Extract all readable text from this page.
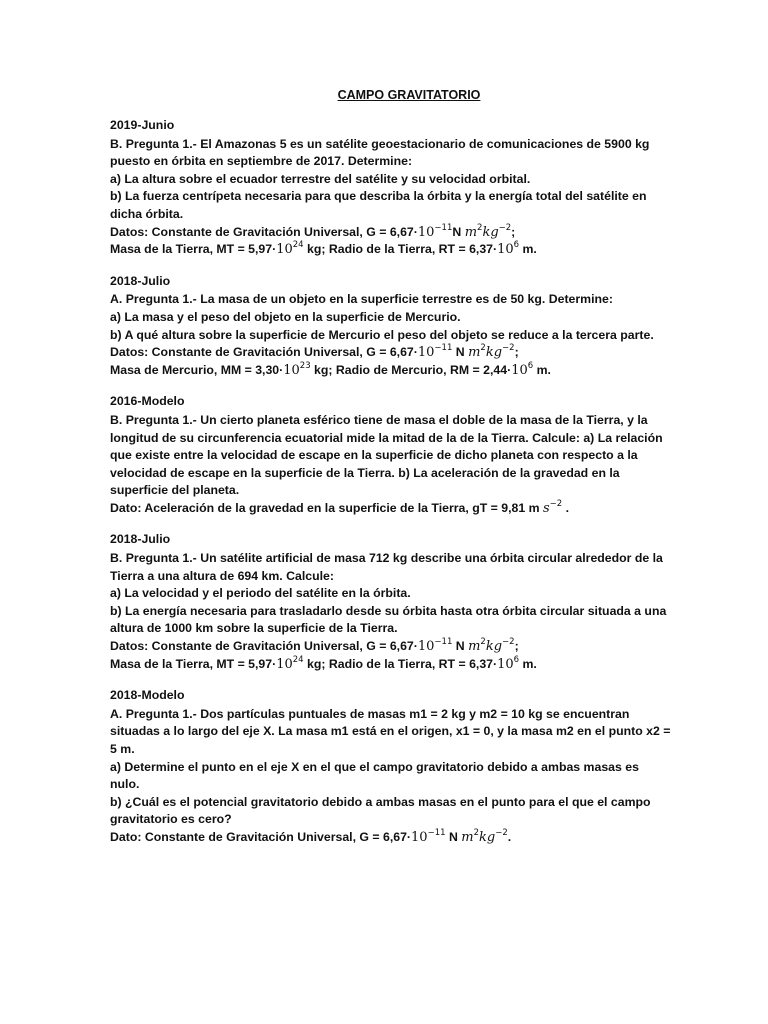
CAMPO GRAVITATORIO
2019-Junio
B. Pregunta 1.- El Amazonas 5 es un satélite geoestacionario de comunicaciones de 5900 kg
puesto en órbita en septiembre de 2017. Determine:
a) La altura sobre el ecuador terrestre del satélite y su velocidad orbital.
b) La fuerza centrípeta necesaria para que describa la órbita y la energía total del satélite en
dicha órbita.
Datos: Constante de Gravitación Universal, $G = 6,67\cdot 10^{-11}N$ $m^2kg^{-2}$;
Masa de la Tierra, MT = $5,97\cdot 10^{24}$ kg; Radio de la Tierra, RT = $6,37\cdot 10^6$ m.
2018-Julio
A. Pregunta 1.- La masa de un objeto en la superficie terrestre es de 50 kg. Determine:
a) La masa y el peso del objeto en la superficie de Mercurio.
b) A qué altura sobre la superficie de Mercurio el peso del objeto se reduce a la tercera parte.
Datos: Constante de Gravitación Universal, $G = 6,67\cdot 10^{-11}$ N $m^2kg^{-2}$;
Masa de Mercurio, MM = $3,30\cdot 10^{23}$ kg; Radio de Mercurio, RM = $2,44\cdot 10^6$ m.
2016-Modelo
B. Pregunta 1.- Un cierto planeta esférico tiene de masa el doble de la masa de la Tierra, y la
longitud de su circunferencia ecuatorial mide la mitad de la de la Tierra. Calcule: a) La relación
que existe entre la velocidad de escape en la superficie de dicho planeta con respecto a la
velocidad de escape en la superficie de la Tierra. b) La aceleración de la gravedad en la
superficie del planeta.
Dato: Aceleración de la gravedad en la superficie de la Tierra, gT = 9,81 m $s^{-2}$ .
2018-Julio
B. Pregunta 1.- Un satélite artificial de masa 712 kg describe una órbita circular alrededor de la
Tierra a una altura de 694 km. Calcule:
a) La velocidad y el periodo del satélite en la órbita.
b) La energía necesaria para trasladarlo desde su órbita hasta otra órbita circular situada a una
altura de 1000 km sobre la superficie de la Tierra.
Datos: Constante de Gravitación Universal, $G = 6,67\cdot 10^{-11}$ N $m^2kg^{-2}$;
Masa de la Tierra, MT = $5,97\cdot 10^{24}$ kg; Radio de la Tierra, RT = $6,37\cdot 10^6$ m.
2018-Modelo
A. Pregunta 1.- Dos partículas puntuales de masas m1 = 2 kg y m2 = 10 kg se encuentran
situadas a lo largo del eje X. La masa m1 está en el origen, x1 = 0, y la masa m2 en el punto x2 =
5 m.
a) Determine el punto en el eje X en el que el campo gravitatorio debido a ambas masas es
nulo.
b) ¿Cuál es el potencial gravitatorio debido a ambas masas en el punto para el que el campo
gravitatorio es cero?
Dato: Constante de Gravitación Universal, $G = 6,67\cdot 10^{-11}$ N $m^2kg^{-2}$.
